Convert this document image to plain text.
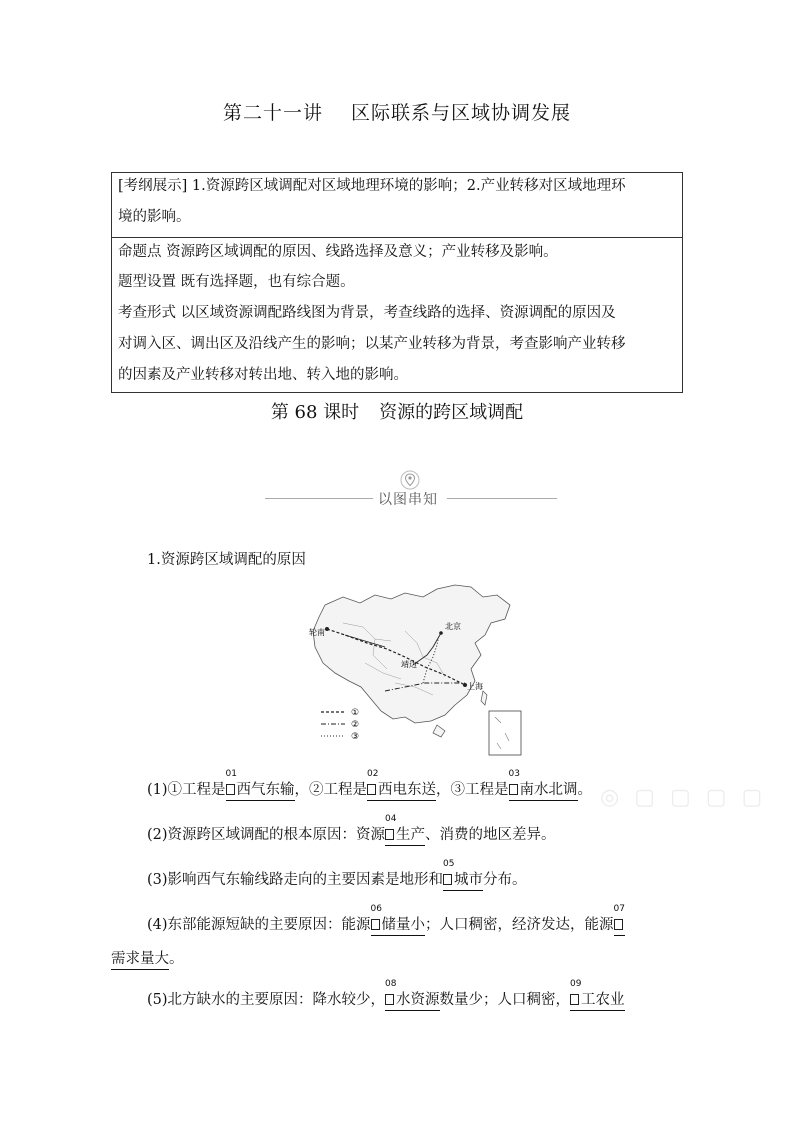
第二十一讲 区际联系与区域协调发展
[考纲展示] 1.资源跨区域调配对区域地理环境的影响；2.产业转移对区域地理环
境的影响。
命题点 资源跨区域调配的原因、线路选择及意义；产业转移及影响。
题型设置 既有选择题，也有综合题。
考查形式 以区域资源调配路线图为背景，考查线路的选择、资源调配的原因及
对调入区、调出区及沿线产生的影响；以某产业转移为背景，考查影响产业转移
的因素及产业转移对转出地、转入地的影响。
第 68 课时 资源的跨区域调配
以图串知
1.资源跨区域调配的原因
轮南
北京
靖边
上海
①
②
③
◎ ▢ ▢ ▢ ▢
(1)①工程是
01
西气东输，②工程是
02
西电东送，③工程是
03
南水北调。
(2)资源跨区域调配的根本原因：资源
04
生产、消费的地区差异。
(3)影响西气东输线路走向的主要因素是地形和
05
城市分布。
(4)东部能源短缺的主要原因：能源
06
储量小；人口稠密，经济发达，能源
07
需求量大。
(5)北方缺水的主要原因：降水较少，
08
水资源数量少；人口稠密，
09
工农业
